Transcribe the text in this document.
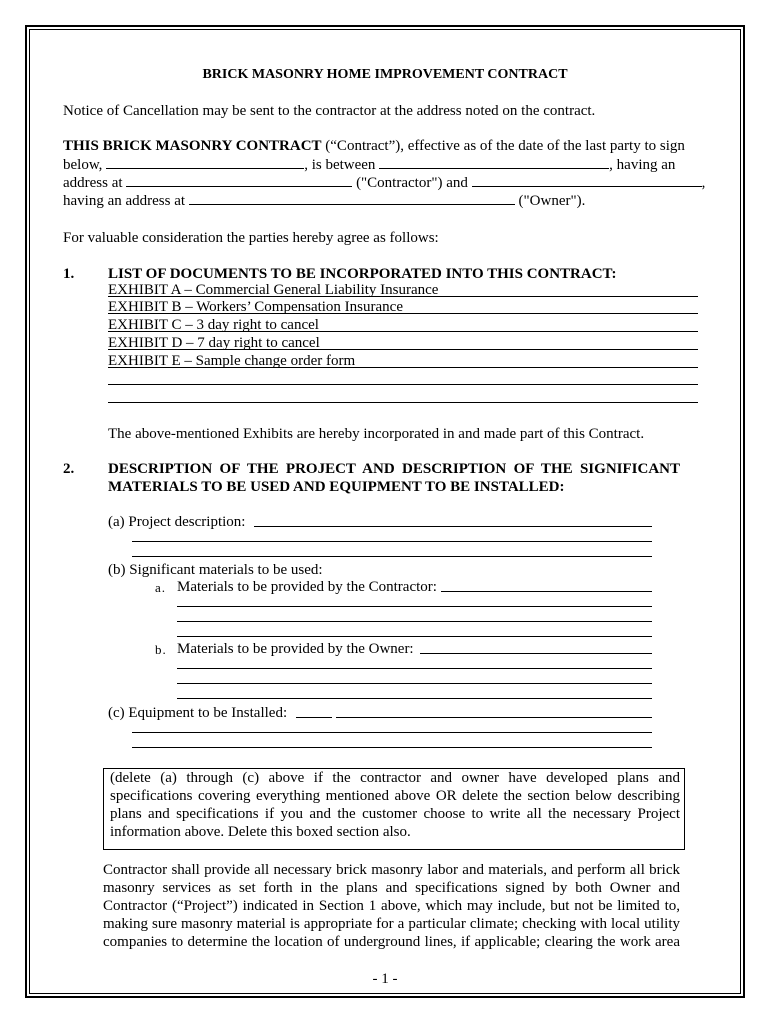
BRICK MASONRY HOME IMPROVEMENT CONTRACT
Notice of Cancellation may be sent to the contractor at the address noted on the contract.
THIS BRICK MASONRY CONTRACT (“Contract”), effective as of the date of the last party to sign
below,	, is between	, having an
address at	("Contractor") and	,
having an address at	("Owner").
For valuable consideration the parties hereby agree as follows:
1. LIST OF DOCUMENTS TO BE INCORPORATED INTO THIS CONTRACT:
EXHIBIT A – Commercial General Liability Insurance
EXHIBIT B – Workers’ Compensation Insurance
EXHIBIT C – 3 day right to cancel
EXHIBIT D – 7 day right to cancel
EXHIBIT E – Sample change order form
The above-mentioned Exhibits are hereby incorporated in and made part of this Contract.
2. DESCRIPTION OF THE PROJECT AND DESCRIPTION OF THE SIGNIFICANT
MATERIALS TO BE USED AND EQUIPMENT TO BE INSTALLED:
(a) Project description:
(b) Significant materials to be used:
a. Materials to be provided by the Contractor:
b. Materials to be provided by the Owner:
(c) Equipment to be Installed:
(delete (a) through (c) above if the contractor and owner have developed plans and
specifications covering everything mentioned above OR delete the section below describing
plans and specifications if you and the customer choose to write all the necessary Project
information above. Delete this boxed section also.
Contractor shall provide all necessary brick masonry labor and materials, and perform all brick
masonry services as set forth in the plans and specifications signed by both Owner and
Contractor (“Project”) indicated in Section 1 above, which may include, but not be limited to,
making sure masonry material is appropriate for a particular climate; checking with local utility
companies to determine the location of underground lines, if applicable; clearing the work area
- 1 -
